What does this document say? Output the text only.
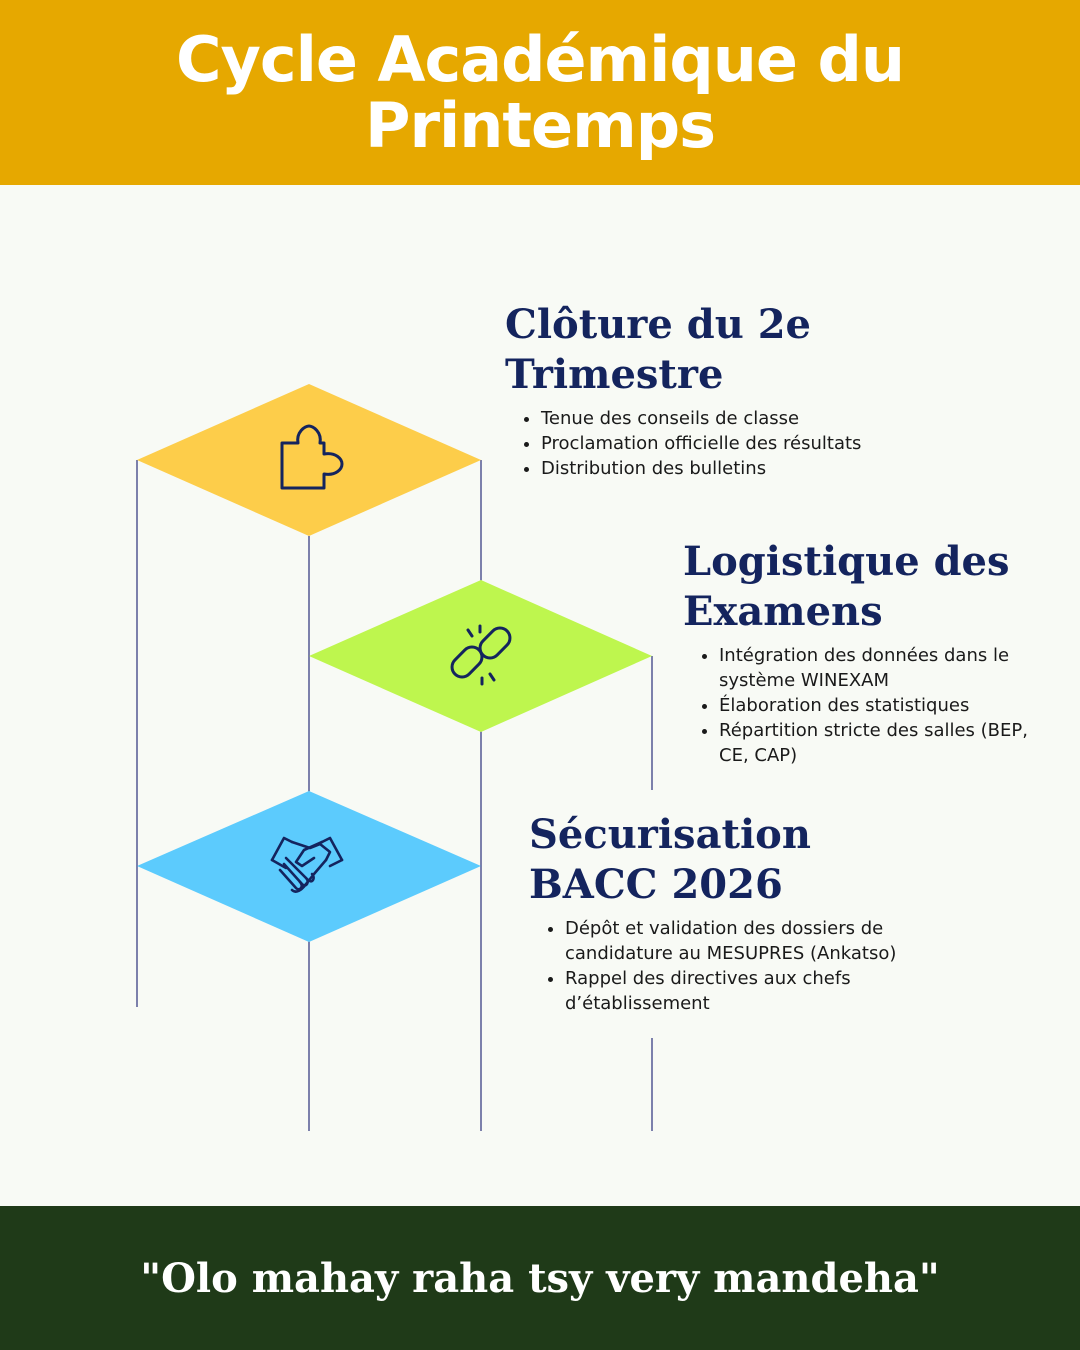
Cycle Académique du Printemps
Clôture du 2e Trimestre
• Tenue des conseils de classe
• Proclamation officielle des résultats
• Distribution des bulletins
Logistique des Examens
• Intégration des données dans le système WINEXAM
• Élaboration des statistiques
• Répartition stricte des salles (BEP, CE, CAP)
Sécurisation BACC 2026
• Dépôt et validation des dossiers de candidature au MESUPRES (Ankatso)
• Rappel des directives aux chefs d’établissement

"Olo mahay raha tsy very mandeha"
